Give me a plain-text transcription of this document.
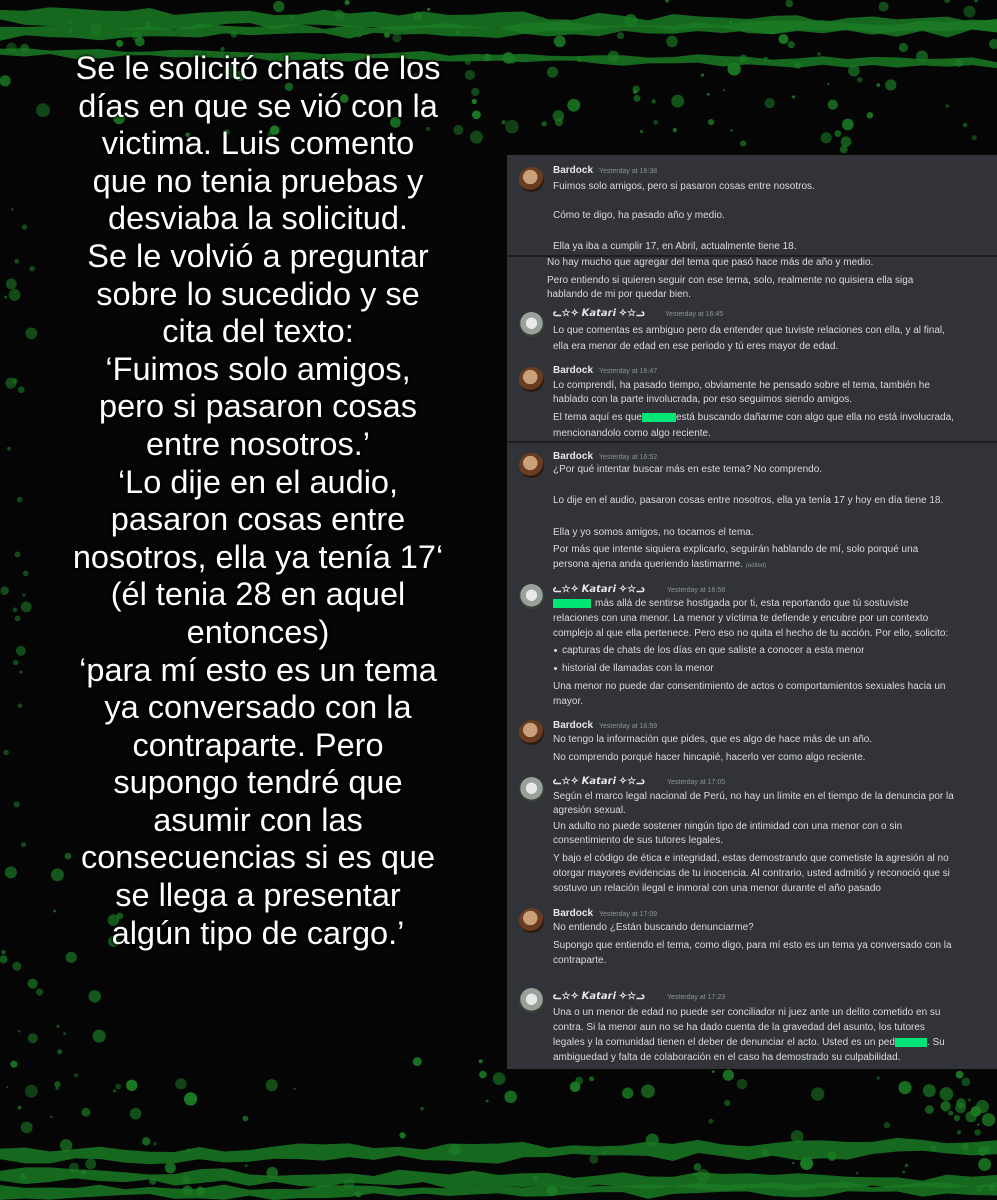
Se le solicitó chats de los
días en que se vió con la
victima. Luis comento
que no tenia pruebas y
desviaba la solicitud.
Se le volvió a preguntar
sobre lo sucedido y se
cita del texto:
‘Fuimos solo amigos,
pero si pasaron cosas
entre nosotros.’
‘Lo dije en el audio,
pasaron cosas entre
nosotros, ella ya tenía 17‘
(él tenia 28 en aquel
entonces)
‘para mí esto es un tema
ya conversado con la
contraparte. Pero
supongo tendré que
asumir con las
consecuencias si es que
se llega a presentar
algún tipo de cargo.’
Bardock Yesterday at 16:38
Fuimos solo amigos, pero si pasaron cosas entre nosotros.
Cómo te digo, ha pasado año y medio.
Ella ya iba a cumplir 17, en Abril, actualmente tiene 18.
No hay mucho que agregar del tema que pasó hace más de año y medio.
Pero entiendo si quieren seguir con ese tema, solo, realmente no quisiera ella siga
hablando de mi por quedar bien.
ᓚ☆✧ 𝙆𝙖𝙩𝙖𝙧𝙞 ✧☆ᓗ	Yesterday at 16:45
Lo que comentas es ambiguo pero da entender que tuviste relaciones con ella, y al final,
ella era menor de edad en ese periodo y tú eres mayor de edad.
Bardock Yesterday at 16:47
Lo comprendí, ha pasado tiempo, obviamente he pensado sobre el tema, también he
hablado con la parte involucrada, por eso seguimos siendo amigos.
El tema aquí es que	está buscando dañarme con algo que ella no está involucrada,
mencionandolo como algo reciente.
Bardock Yesterday at 16:52
¿Por qué intentar buscar más en este tema? No comprendo.
Lo dije en el audio, pasaron cosas entre nosotros, ella ya tenía 17 y hoy en día tiene 18.
Ella y yo somos amigos, no tocamos el tema.
Por más que intente siquiera explicarlo, seguirán hablando de mí, solo porqué una
persona ajena anda queriendo lastimarme. (edited)
ᓚ☆✧ 𝙆𝙖𝙩𝙖𝙧𝙞 ✧☆ᓗ	Yesterday at 16:58
más allá de sentirse hostigada por ti, esta reportando que tú sostuviste
relaciones con una menor. La menor y víctima te defiende y encubre por un contexto
complejo al que ella pertenece. Pero eso no quita el hecho de tu acción. Por ello, solicito:
capturas de chats de los días en que saliste a conocer a esta menor
historial de llamadas con la menor
Una menor no puede dar consentimiento de actos o comportamientos sexuales hacia un
mayor.
Bardock Yesterday at 16:59
No tengo la información que pides, que es algo de hace más de un año.
No comprendo porqué hacer hincapié, hacerlo ver como algo reciente.
ᓚ☆✧ 𝙆𝙖𝙩𝙖𝙧𝙞 ✧☆ᓗ	Yesterday at 17:05
Según el marco legal nacional de Perú, no hay un límite en el tiempo de la denuncia por la
agresión sexual.
Un adulto no puede sostener ningún tipo de intimidad con una menor con o sin
consentimiento de sus tutores legales.
Y bajo el código de ética e integridad, estas demostrando que cometiste la agresión al no
otorgar mayores evidencias de tu inocencia. Al contrario, usted admitió y reconoció que si
sostuvo un relación ilegal e inmoral con una menor durante el año pasado
Bardock Yesterday at 17:09
No entiendo ¿Están buscando denunciarme?
Supongo que entiendo el tema, como digo, para mí esto es un tema ya conversado con la
contraparte.
ᓚ☆✧ 𝙆𝙖𝙩𝙖𝙧𝙞 ✧☆ᓗ	Yesterday at 17:23
Una o un menor de edad no puede ser conciliador ni juez ante un delito cometido en su
contra. Si la menor aun no se ha dado cuenta de la gravedad del asunto, los tutores
legales y la comunidad tienen el deber de denunciar el acto. Usted es un ped	. Su
ambiguedad y falta de colaboración en el caso ha demostrado su culpabilidad.
